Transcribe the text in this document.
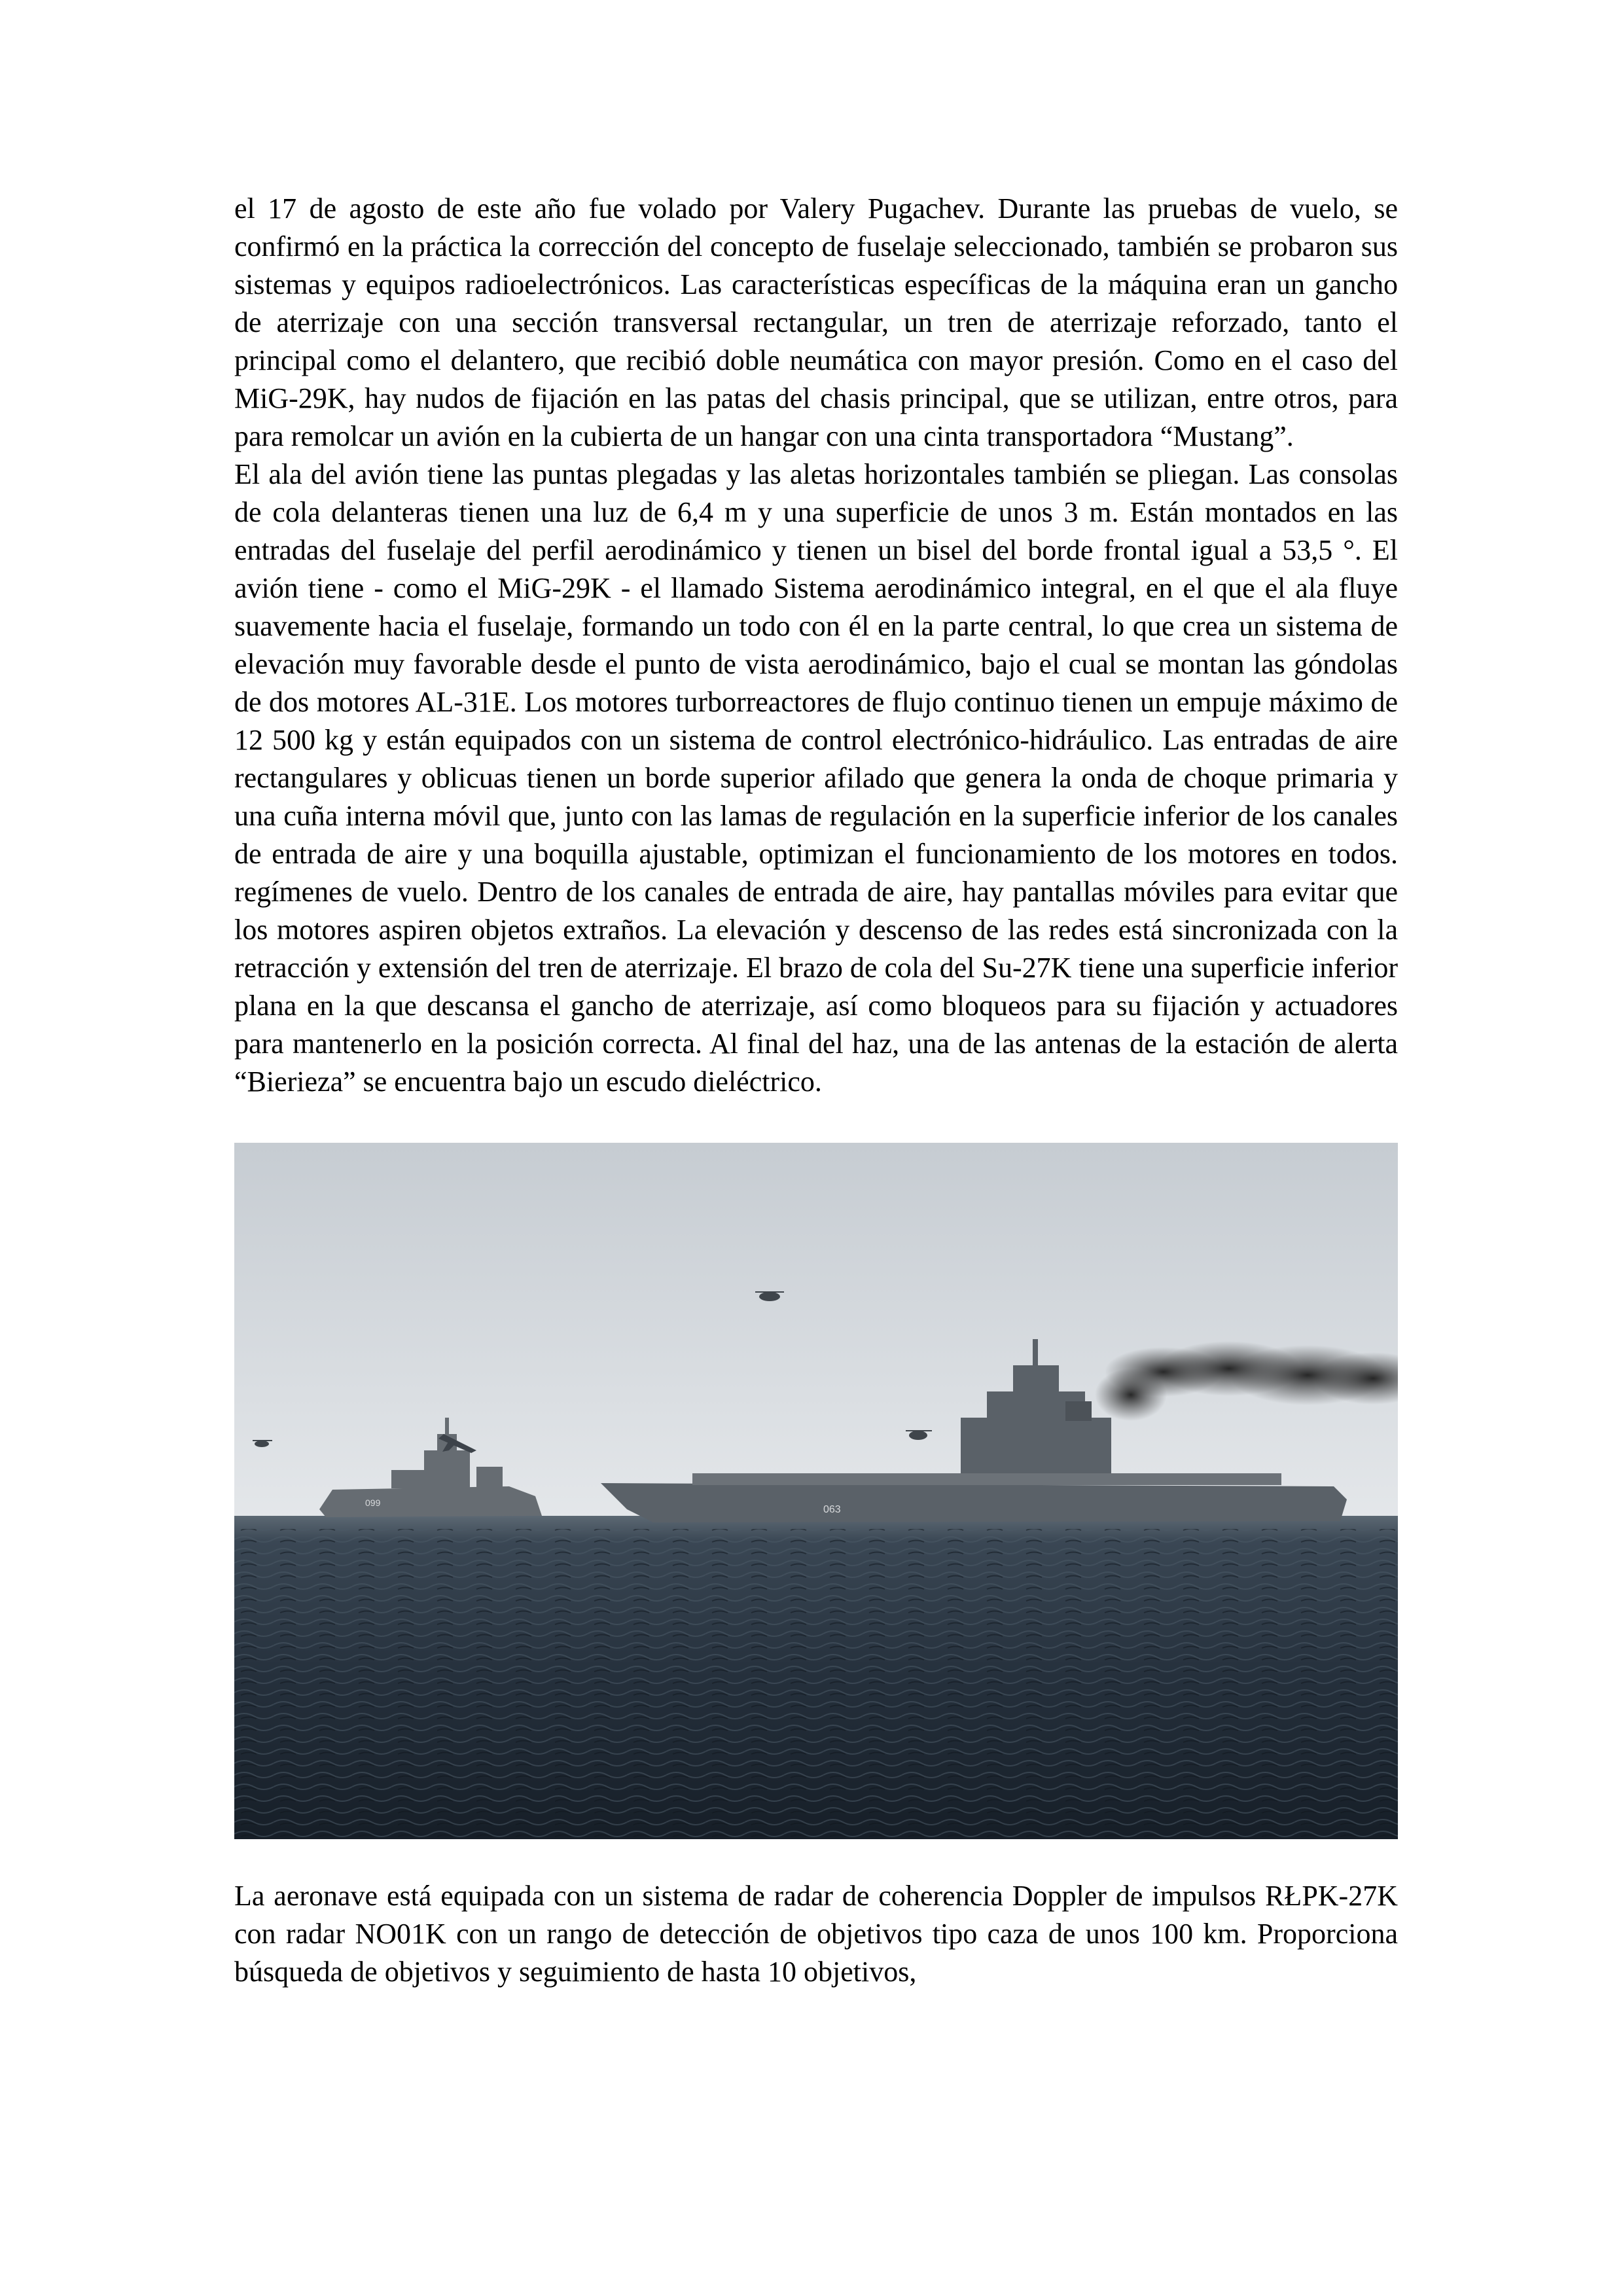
el 17 de agosto de este año fue volado por Valery Pugachev. Durante las pruebas de vuelo, se confirmó en la práctica la corrección del concepto de fuselaje seleccionado, también se probaron sus sistemas y equipos radioelectrónicos. Las características específicas de la máquina eran un gancho de aterrizaje con una sección transversal rectangular, un tren de aterrizaje reforzado, tanto el principal como el delantero, que recibió doble neumática con mayor presión. Como en el caso del MiG-29K, hay nudos de fijación en las patas del chasis principal, que se utilizan, entre otros, para para remolcar un avión en la cubierta de un hangar con una cinta transportadora “Mustang”.

El ala del avión tiene las puntas plegadas y las aletas horizontales también se pliegan. Las consolas de cola delanteras tienen una luz de 6,4 m y una superficie de unos 3 m. Están montados en las entradas del fuselaje del perfil aerodinámico y tienen un bisel del borde frontal igual a 53,5 °. El avión tiene - como el MiG-29K - el llamado Sistema aerodinámico integral, en el que el ala fluye suavemente hacia el fuselaje, formando un todo con él en la parte central, lo que crea un sistema de elevación muy favorable desde el punto de vista aerodinámico, bajo el cual se montan las góndolas de dos motores AL-31E. Los motores turborreactores de flujo continuo tienen un empuje máximo de 12 500 kg y están equipados con un sistema de control electrónico-hidráulico. Las entradas de aire rectangulares y oblicuas tienen un borde superior afilado que genera la onda de choque primaria y una cuña interna móvil que, junto con las lamas de regulación en la superficie inferior de los canales de entrada de aire y una boquilla ajustable, optimizan el funcionamiento de los motores en todos. regímenes de vuelo. Dentro de los canales de entrada de aire, hay pantallas móviles para evitar que los motores aspiren objetos extraños. La elevación y descenso de las redes está sincronizada con la retracción y extensión del tren de aterrizaje. El brazo de cola del Su-27K tiene una superficie inferior plana en la que descansa el gancho de aterrizaje, así como bloqueos para su fijación y actuadores para mantenerlo en la posición correcta. Al final del haz, una de las antenas de la estación de alerta “Bierieza” se encuentra bajo un escudo dieléctrico.

099
063

La aeronave está equipada con un sistema de radar de coherencia Doppler de impulsos RŁPK-27K con radar NO01K con un rango de detección de objetivos tipo caza de unos 100 km. Proporciona búsqueda de objetivos y seguimiento de hasta 10 objetivos,
